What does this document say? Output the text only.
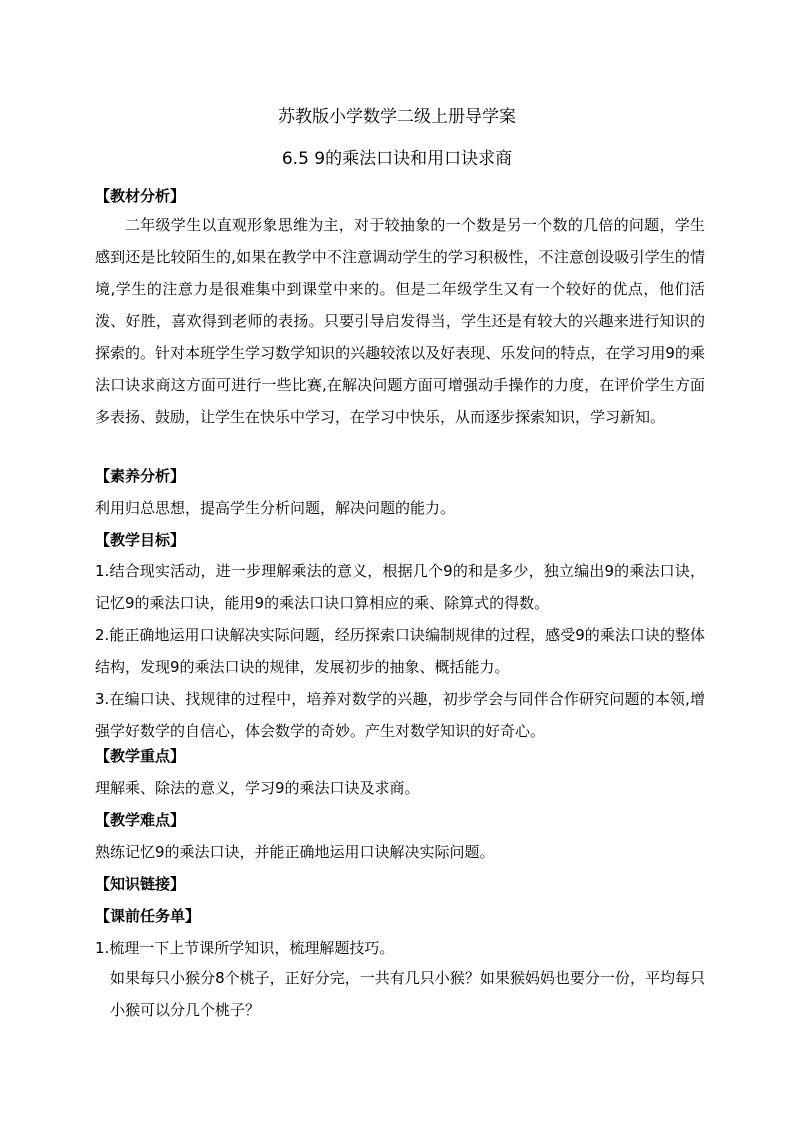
苏教版小学数学二级上册导学案
6.5 9的乘法口诀和用口诀求商
【教材分析】
二年级学生以直观形象思维为主，对于较抽象的一个数是另一个数的几倍的问题，学生感到还是比较陌生的,如果在教学中不注意调动学生的学习积极性，不注意创设吸引学生的情境,学生的注意力是很难集中到课堂中来的。但是二年级学生又有一个较好的优点，他们活泼、好胜，喜欢得到老师的表扬。只要引导启发得当，学生还是有较大的兴趣来进行知识的探索的。针对本班学生学习数学知识的兴趣较浓以及好表现、乐发问的特点，在学习用9的乘法口诀求商这方面可进行一些比赛,在解决问题方面可增强动手操作的力度，在评价学生方面多表扬、鼓励，让学生在快乐中学习，在学习中快乐，从而逐步探索知识，学习新知。
【素养分析】
利用归总思想，提高学生分析问题，解决问题的能力。
【教学目标】
1.结合现实活动，进一步理解乘法的意义，根据几个9的和是多少，独立编出9的乘法口诀，记忆9的乘法口诀，能用9的乘法口诀口算相应的乘、除算式的得数。
2.能正确地运用口诀解决实际问题，经历探索口诀编制规律的过程，感受9的乘法口诀的整体结构，发现9的乘法口诀的规律，发展初步的抽象、概括能力。
3.在编口诀、找规律的过程中，培养对数学的兴趣，初步学会与同伴合作研究问题的本领,增强学好数学的自信心，体会数学的奇妙。产生对数学知识的好奇心。
【教学重点】
理解乘、除法的意义，学习9的乘法口诀及求商。
【教学难点】
熟练记忆9的乘法口诀，并能正确地运用口诀解决实际问题。
【知识链接】
【课前任务单】
1.梳理一下上节课所学知识，梳理解题技巧。
如果每只小猴分8个桃子，正好分完，一共有几只小猴？如果猴妈妈也要分一份，平均每只小猴可以分几个桃子？
